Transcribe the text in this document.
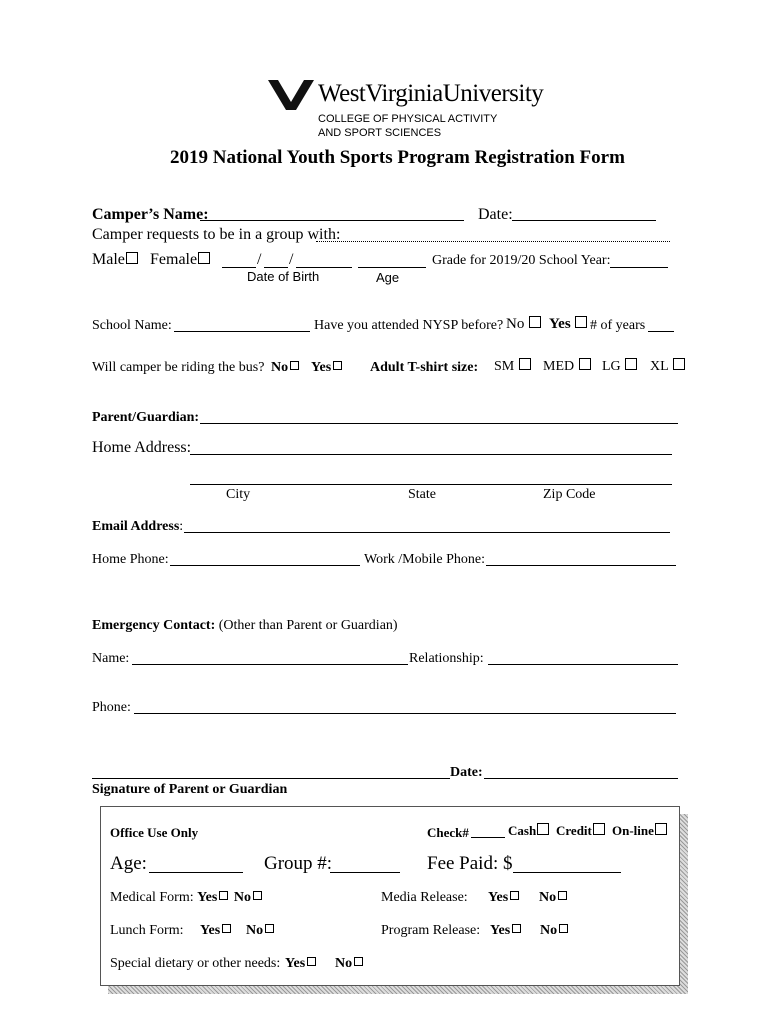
WestVirginiaUniversity
COLLEGE OF PHYSICAL ACTIVITY
AND SPORT SCIENCES
2019 National Youth Sports Program Registration Form
Camper’s Name:	Date:
Camper requests to be in a group with:
Male	Female	/ /	Grade for 2019/20 School Year:
Date of Birth	Age
School Name:	Have you attended NYSP before? No	Yes	# of years
Will camper be riding the bus? No	Yes	Adult T-shirt size: SM	MED	LG	XL
Parent/Guardian:
Home Address:
City	State	Zip Code
Email Address:
Home Phone:	Work /Mobile Phone:
Emergency Contact: (Other than Parent or Guardian)
Name:	Relationship:
Phone:
Date:
Signature of Parent or Guardian
Office Use Only	Check#	Cash	Credit	On-line
Age:	Group #:	Fee Paid: $
Medical Form: Yes No	Media Release: Yes	No
Lunch Form: Yes	No	Program Release: Yes	No
Special dietary or other needs: Yes	No
